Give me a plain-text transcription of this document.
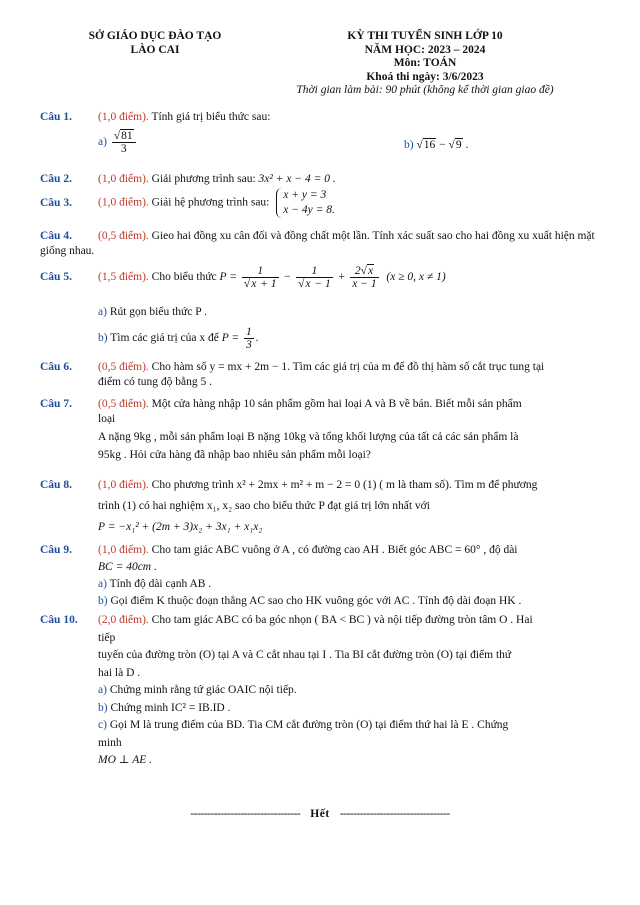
SỞ GIÁO DỤC ĐÀO TẠO
LÀO CAI
KỲ THI TUYỂN SINH LỚP 10
NĂM HỌC: 2023 – 2024
Môn: TOÁN
Khoá thi ngày: 3/6/2023
Thời gian làm bài: 90 phút (không kể thời gian giao đề)
Câu 1. (1,0 điểm). Tính giá trị biểu thức sau:
$a) \frac{√81}{3}$	b) √16 − √9 .
Câu 2. (1,0 điểm). Giải phương trình sau: 3x² + x − 4 = 0 .
Câu 3. (1,0 điểm). Giải hệ phương trình sau:
x + y = 3
x − 4y = 8.
Câu 4. (0,5 điểm). Gieo hai đồng xu cân đối và đồng chất một lần. Tính xác suất sao cho hai đồng xu xuất hiện mặt giống nhau.
Câu 5. (1,5 điểm). Cho biểu thức $P = \frac{1}{√x + 1} - \frac{1}{√x - 1} + \frac{2√x}{x - 1} (x \ge 0$, x ≠ 1)
a) Rút gọn biểu thức P .
b) Tìm các giá trị của x để $P = \frac{1}{3}$ .
Câu 6. (0,5 điểm). Cho hàm số y = mx + 2m − 1. Tìm các giá trị của m để đồ thị hàm số cắt trục tung tại
điểm có tung độ bằng 5 .
Câu 7. (0,5 điểm). Một cửa hàng nhập 10 sản phẩm gồm hai loại A và B về bán. Biết mỗi sản phẩm
loại
A nặng 9kg , mỗi sản phẩm loại B nặng 10kg và tổng khối lượng của tất cả các sản phẩm là
95kg . Hỏi cửa hàng đã nhập bao nhiêu sản phẩm mỗi loại?
Câu 8. (1,0 điểm). Cho phương trình x² + 2mx + m² + m − 2 = 0 (1) ( m là tham số). Tìm m để phương
trình (1) có hai nghiệm x₁, x₂ sao cho biểu thức P đạt giá trị lớn nhất với
P = −x₁² + (2m + 3)x₂ + 3x₁ + x₁x₂
Câu 9. (1,0 điểm). Cho tam giác ABC vuông ở A , có đường cao AH . Biết góc ABC = 60° , độ dài
BC = 40cm .
a) Tính độ dài cạnh AB .
b) Gọi điểm K thuộc đoạn thẳng AC sao cho HK vuông góc với AC . Tính độ dài đoạn HK .
Câu 10. (2,0 điểm). Cho tam giác ABC có ba góc nhọn ( BA < BC ) và nội tiếp đường tròn tâm O . Hai
tiếp
tuyến của đường tròn (O) tại A và C cắt nhau tại I . Tia BI cắt đường tròn (O) tại điểm thứ
hai là D .
a) Chứng minh rằng tứ giác OAIC nội tiếp.
b) Chứng minh IC² = IB.ID .
c) Gọi M là trung điểm của BD. Tia CM cắt đường tròn (O) tại điểm thứ hai là E . Chứng
minh
MO ⊥ AE .
--------------------------------- Hết ---------------------------------
